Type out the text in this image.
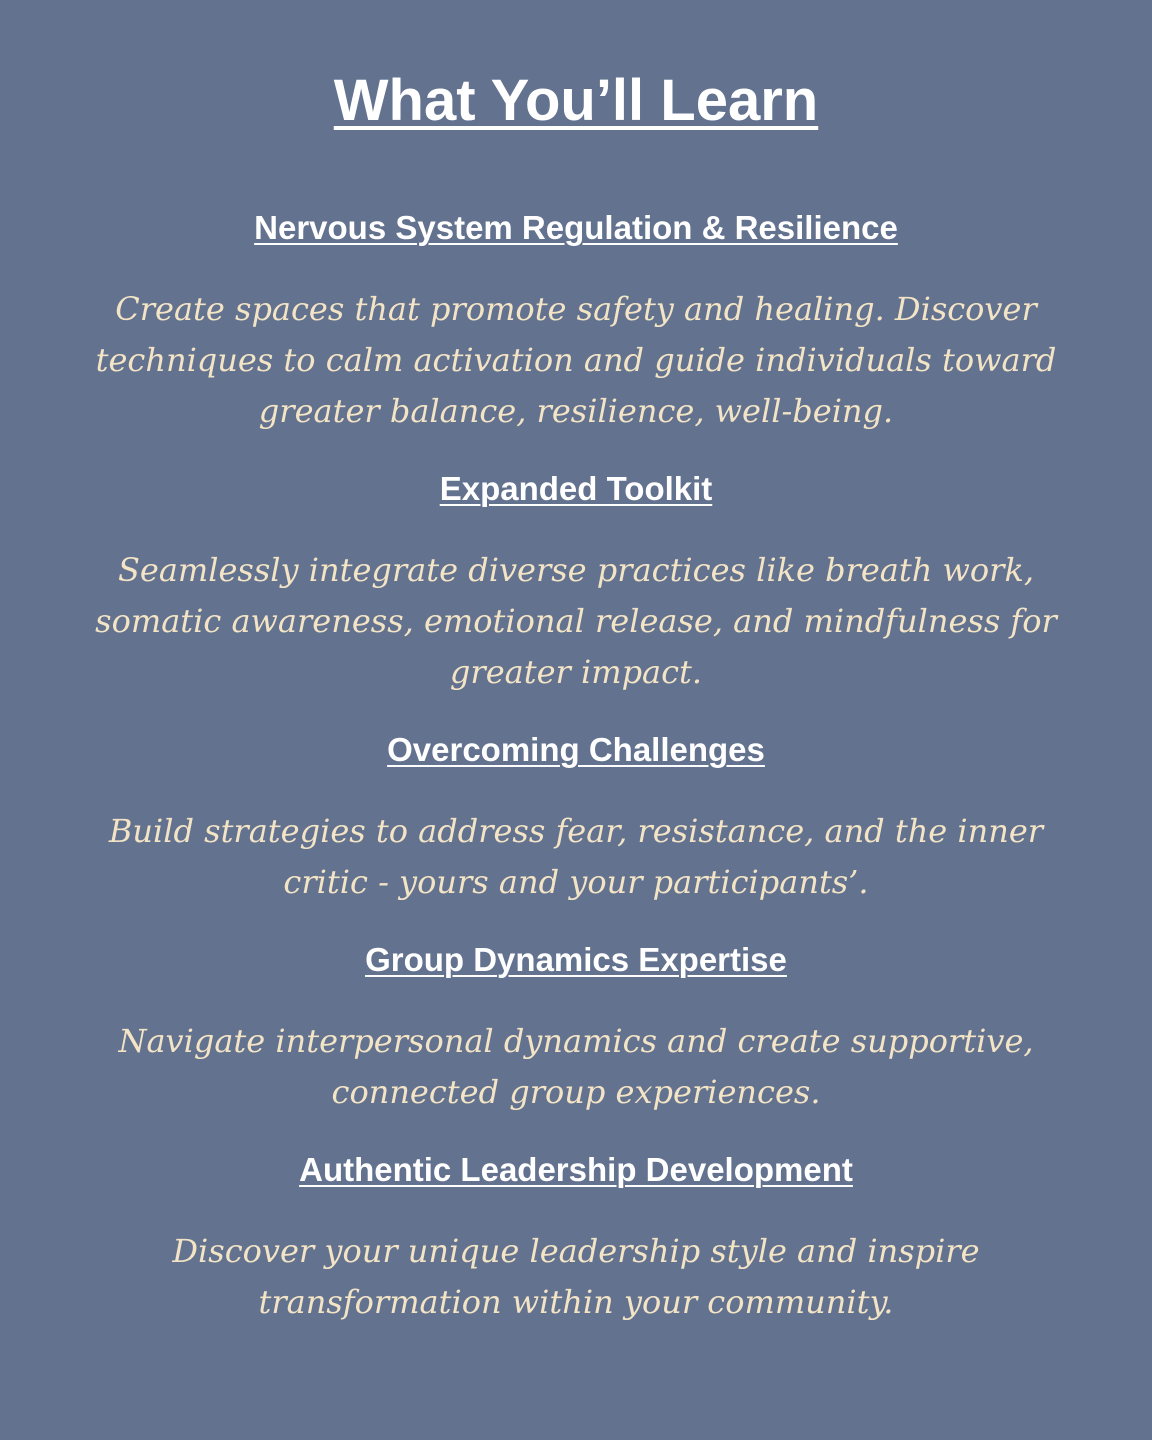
What You’ll Learn
Nervous System Regulation & Resilience

Create spaces that promote safety and healing. Discover techniques to calm activation and guide individuals toward greater balance, resilience, well-being.

Expanded Toolkit

Seamlessly integrate diverse practices like breath work, somatic awareness, emotional release, and mindfulness for greater impact.

Overcoming Challenges

Build strategies to address fear, resistance, and the inner critic - yours and your participants’.

Group Dynamics Expertise

Navigate interpersonal dynamics and create supportive, connected group experiences.

Authentic Leadership Development

Discover your unique leadership style and inspire transformation within your community.
